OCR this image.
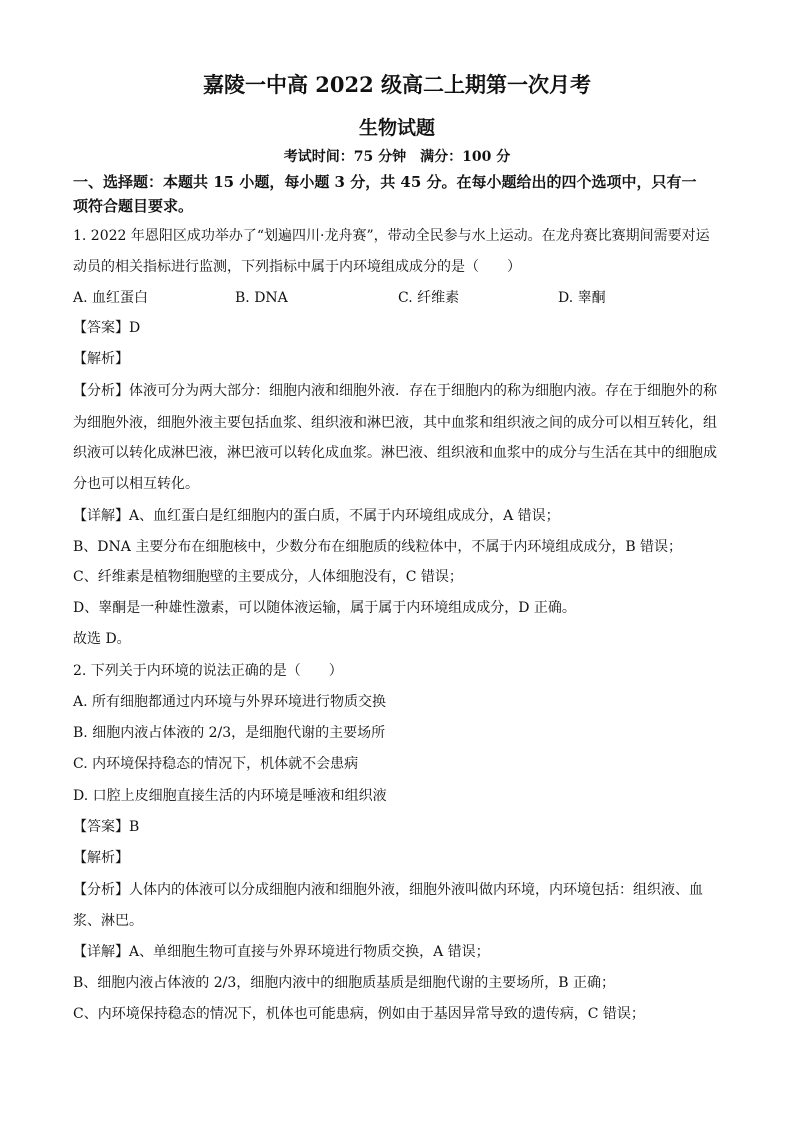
嘉陵一中高 2022 级高二上期第一次月考
生物试题
考试时间：75 分钟　满分：100 分
一、选择题：本题共 15 小题，每小题 3 分，共 45 分。在每小题给出的四个选项中，只有一
项符合题目要求。
1. 2022 年恩阳区成功举办了“划遍四川·龙舟赛”，带动全民参与水上运动。在龙舟赛比赛期间需要对运
动员的相关指标进行监测，下列指标中属于内环境组成成分的是（　　）
A. 血红蛋白	B. DNA	C. 纤维素	D. 睾酮
【答案】D
【解析】
【分析】体液可分为两大部分：细胞内液和细胞外液．存在于细胞内的称为细胞内液。存在于细胞外的称
为细胞外液，细胞外液主要包括血浆、组织液和淋巴液，其中血浆和组织液之间的成分可以相互转化，组
织液可以转化成淋巴液，淋巴液可以转化成血浆。淋巴液、组织液和血浆中的成分与生活在其中的细胞成
分也可以相互转化。
【详解】A、血红蛋白是红细胞内的蛋白质，不属于内环境组成成分，A 错误；
B、DNA 主要分布在细胞核中，少数分布在细胞质的线粒体中，不属于内环境组成成分，B 错误；
C、纤维素是植物细胞壁的主要成分，人体细胞没有，C 错误；
D、睾酮是一种雄性激素，可以随体液运输，属于属于内环境组成成分，D 正确。
故选 D。
2. 下列关于内环境的说法正确的是（　　）
A. 所有细胞都通过内环境与外界环境进行物质交换
B. 细胞内液占体液的 2/3，是细胞代谢的主要场所
C. 内环境保持稳态的情况下，机体就不会患病
D. 口腔上皮细胞直接生活的内环境是唾液和组织液
【答案】B
【解析】
【分析】人体内的体液可以分成细胞内液和细胞外液，细胞外液叫做内环境，内环境包括：组织液、血
浆、淋巴。
【详解】A、单细胞生物可直接与外界环境进行物质交换，A 错误；
B、细胞内液占体液的 2/3，细胞内液中的细胞质基质是细胞代谢的主要场所，B 正确；
C、内环境保持稳态的情况下，机体也可能患病，例如由于基因异常导致的遗传病，C 错误；
